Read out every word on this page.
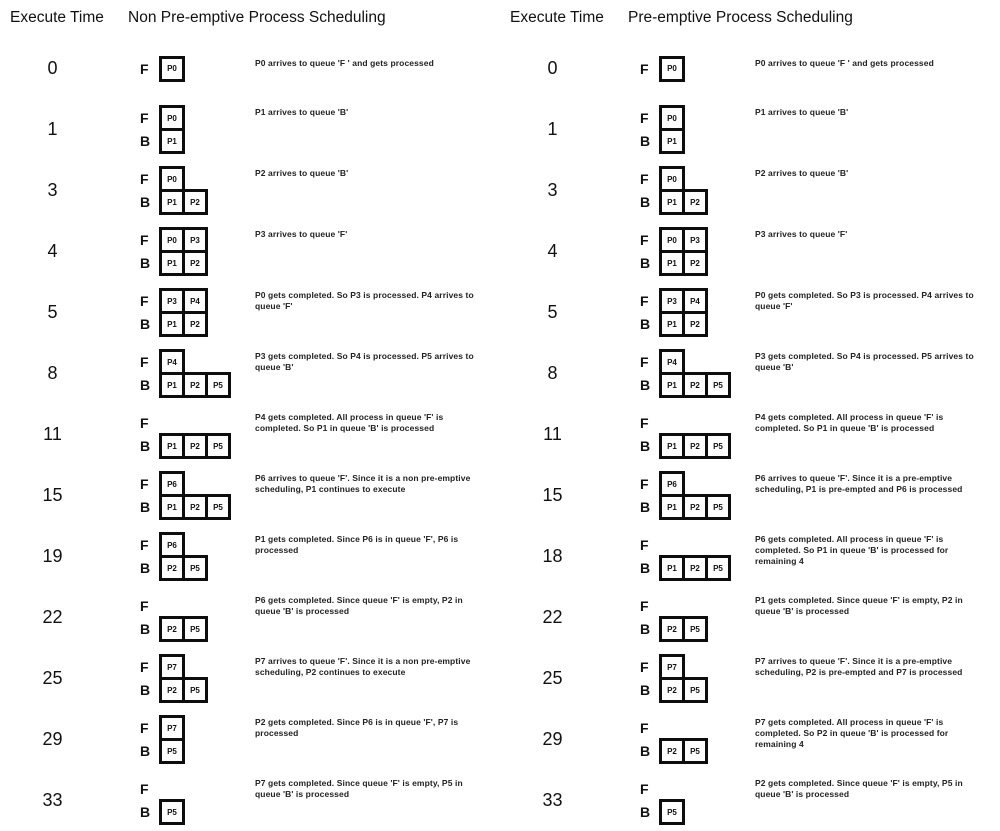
Execute Time	Non Pre-emptive Process Scheduling
0	F	P0
P0 arrives to queue 'F ' and gets processed
1
F	P0
B	P1
P1 arrives to queue 'B'
3
F	P0
B	P1	P2
P2 arrives to queue 'B'
4
F	P0	P3
B	P1	P2
P3 arrives to queue 'F'
5
F	P3	P4
B	P1	P2
P0 gets completed. So P3 is processed. P4 arrives to queue 'F'
8
F	P4
B	P1	P2	P5
P3 gets completed. So P4 is processed. P5 arrives to queue 'B'
11
F
B	P1	P2	P5
P4 gets completed. All process in queue 'F' is completed. So P1 in queue 'B' is processed
15
F	P6
B	P1	P2	P5
P6 arrives to queue 'F'. Since it is a non pre-emptive scheduling, P1 continues to execute
19
F	P6
B	P2	P5
P1 gets completed. Since P6 is in queue 'F', P6 is processed
22
F
B	P2	P5
P6 gets completed. Since queue 'F' is empty, P2 in queue 'B' is processed
25
F	P7
B	P2	P5
P7 arrives to queue 'F'. Since it is a non pre-emptive scheduling, P2 continues to execute
29
F	P7
B	P5
P2 gets completed. Since P6 is in queue 'F', P7 is processed
33
F
B	P5
P7 gets completed. Since queue 'F' is empty, P5 in queue 'B' is processed
Execute Time	Pre-emptive Process Scheduling
0	F	P0
P0 arrives to queue 'F ' and gets processed
1
F	P0
B	P1
P1 arrives to queue 'B'
3
F	P0
B	P1	P2
P2 arrives to queue 'B'
4
F	P0	P3
B	P1	P2
P3 arrives to queue 'F'
5
F	P3	P4
B	P1	P2
P0 gets completed. So P3 is processed. P4 arrives to queue 'F'
8
F	P4
B	P1	P2	P5
P3 gets completed. So P4 is processed. P5 arrives to queue 'B'
11
F
B	P1	P2	P5
P4 gets completed. All process in queue 'F' is completed. So P1 in queue 'B' is processed
15
F	P6
B	P1	P2	P5
P6 arrives to queue 'F'. Since it is a pre-emptive scheduling, P1 is pre-empted and P6 is processed
18
F
B	P1	P2	P5
P6 gets completed. All process in queue 'F' is completed. So P1 in queue 'B' is processed for remaining 4
22
F
B	P2	P5
P1 gets completed. Since queue 'F' is empty, P2 in queue 'B' is processed
25
F	P7
B	P2	P5
P7 arrives to queue 'F'. Since it is a pre-emptive scheduling, P2 is pre-empted and P7 is processed
29
F
B	P2	P5
P7 gets completed. All process in queue 'F' is completed. So P2 in queue 'B' is processed for remaining 4
33
F
B	P5
P2 gets completed. Since queue 'F' is empty, P5 in queue 'B' is processed
